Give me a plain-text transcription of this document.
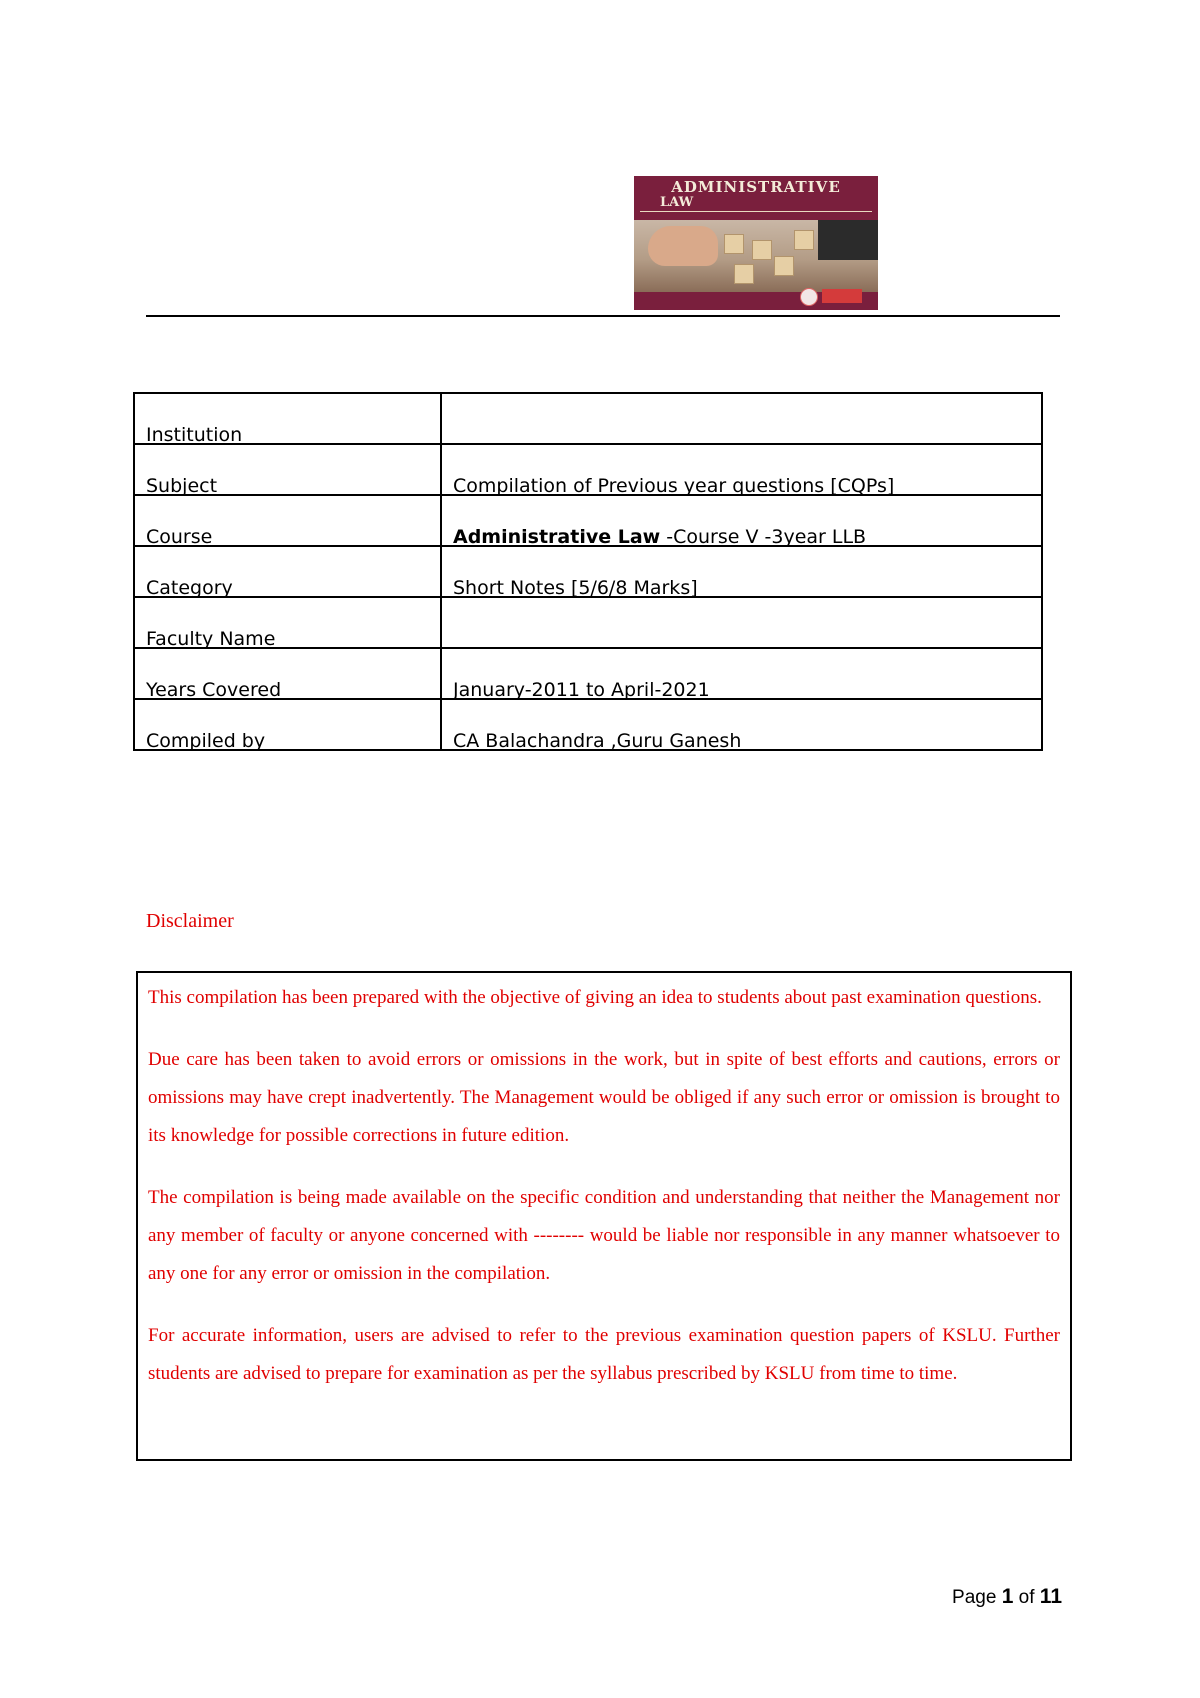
ADMINISTRATIVE
LAW
Institution	
Subject	Compilation of Previous year questions [CQPs]
Course	Administrative Law -Course V -3year LLB
Category	Short Notes [5/6/8 Marks]
Faculty Name	
Years Covered	January-2011 to April-2021
Compiled by	CA Balachandra ,Guru Ganesh
Disclaimer

This compilation has been prepared with the objective of giving an idea to students about past examination questions.

Due care has been taken to avoid errors or omissions in the work, but in spite of best efforts and cautions, errors or omissions may have crept inadvertently. The Management would be obliged if any such error or omission is brought to its knowledge for possible corrections in future edition.

The compilation is being made available on the specific condition and understanding that neither the Management nor any member of faculty or anyone concerned with -------- would be liable nor responsible in any manner whatsoever to any one for any error or omission in the compilation.

For accurate information, users are advised to refer to the previous examination question papers of KSLU. Further students are advised to prepare for examination as per the syllabus prescribed by KSLU from time to time.

Page 1 of 11
